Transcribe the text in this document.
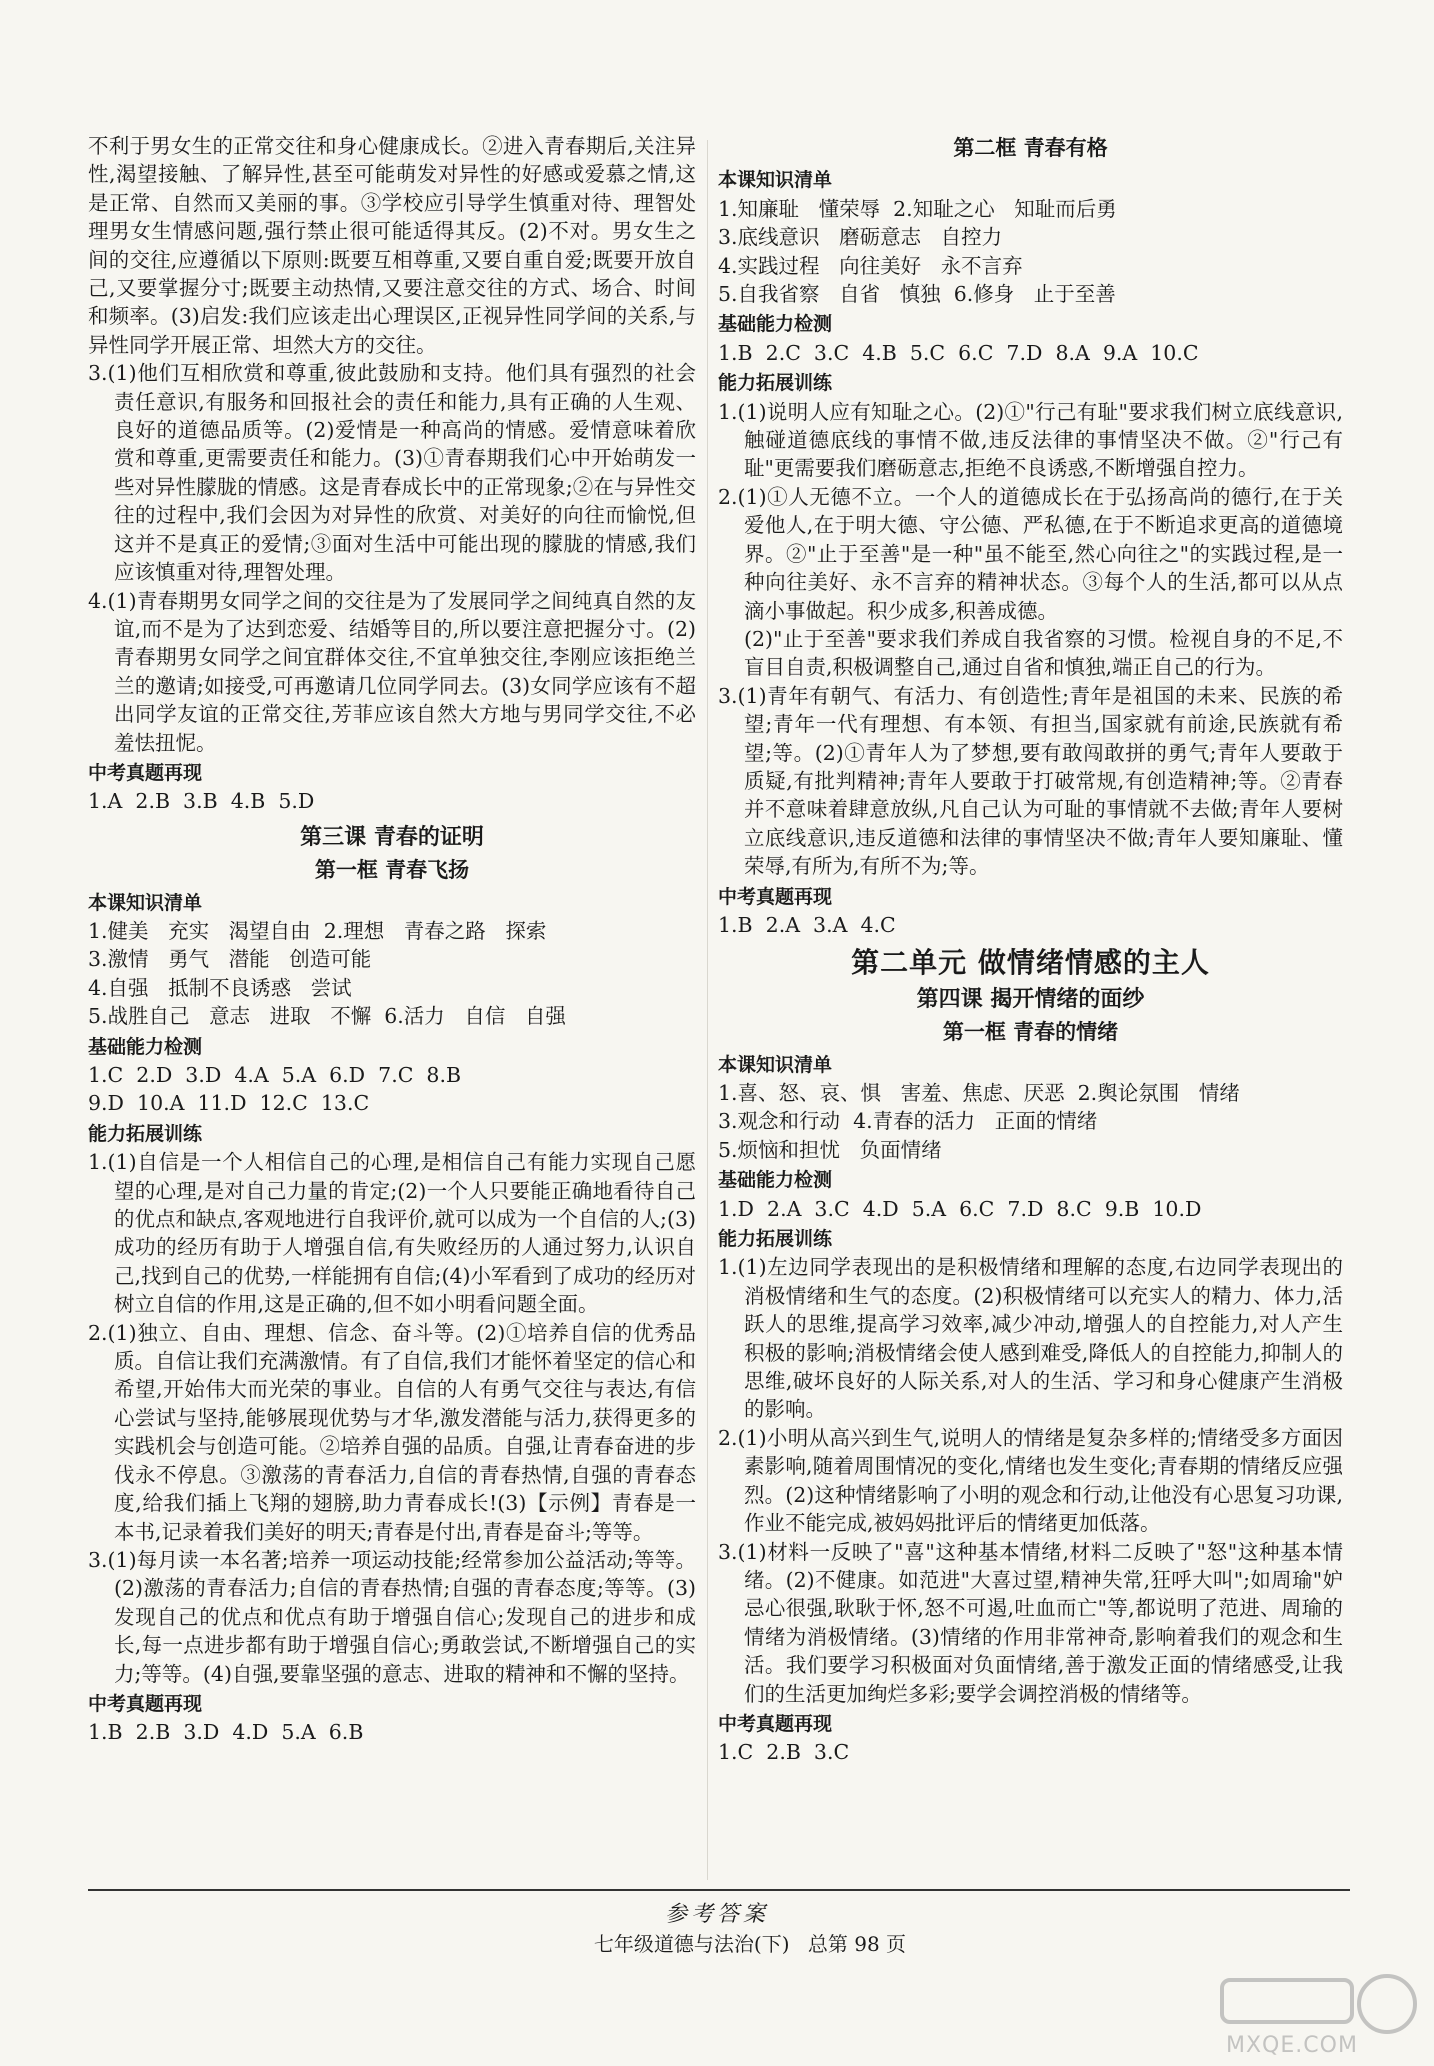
不利于男女生的正常交往和身心健康成长。②进入青春期后,关注异性,渴望接触、了解异性,甚至可能萌发对异性的好感或爱慕之情,这是正常、自然而又美丽的事。③学校应引导学生慎重对待、理智处理男女生情感问题,强行禁止很可能适得其反。(2)不对。男女生之间的交往,应遵循以下原则:既要互相尊重,又要自重自爱;既要开放自己,又要掌握分寸;既要主动热情,又要注意交往的方式、场合、时间和频率。(3)启发:我们应该走出心理误区,正视异性同学间的关系,与异性同学开展正常、坦然大方的交往。

3.(1)他们互相欣赏和尊重,彼此鼓励和支持。他们具有强烈的社会责任意识,有服务和回报社会的责任和能力,具有正确的人生观、良好的道德品质等。(2)爱情是一种高尚的情感。爱情意味着欣赏和尊重,更需要责任和能力。(3)①青春期我们心中开始萌发一些对异性朦胧的情感。这是青春成长中的正常现象;②在与异性交往的过程中,我们会因为对异性的欣赏、对美好的向往而愉悦,但这并不是真正的爱情;③面对生活中可能出现的朦胧的情感,我们应该慎重对待,理智处理。

4.(1)青春期男女同学之间的交往是为了发展同学之间纯真自然的友谊,而不是为了达到恋爱、结婚等目的,所以要注意把握分寸。(2)青春期男女同学之间宜群体交往,不宜单独交往,李刚应该拒绝兰兰的邀请;如接受,可再邀请几位同学同去。(3)女同学应该有不超出同学友谊的正常交往,芳菲应该自然大方地与男同学交往,不必羞怯扭怩。

中考真题再现

1.A  2.B  3.B  4.B  5.D

第三课 青春的证明

第一框 青春飞扬

本课知识清单

1.健美   充实   渴望自由  2.理想   青春之路   探索

3.激情   勇气   潜能   创造可能

4.自强   抵制不良诱惑   尝试

5.战胜自己   意志   进取   不懈  6.活力   自信   自强

基础能力检测

1.C  2.D  3.D  4.A  5.A  6.D  7.C  8.B

9.D  10.A  11.D  12.C  13.C

能力拓展训练

1.(1)自信是一个人相信自己的心理,是相信自己有能力实现自己愿望的心理,是对自己力量的肯定;(2)一个人只要能正确地看待自己的优点和缺点,客观地进行自我评价,就可以成为一个自信的人;(3)成功的经历有助于人增强自信,有失败经历的人通过努力,认识自己,找到自己的优势,一样能拥有自信;(4)小军看到了成功的经历对树立自信的作用,这是正确的,但不如小明看问题全面。

2.(1)独立、自由、理想、信念、奋斗等。(2)①培养自信的优秀品质。自信让我们充满激情。有了自信,我们才能怀着坚定的信心和希望,开始伟大而光荣的事业。自信的人有勇气交往与表达,有信心尝试与坚持,能够展现优势与才华,激发潜能与活力,获得更多的实践机会与创造可能。②培养自强的品质。自强,让青春奋进的步伐永不停息。③激荡的青春活力,自信的青春热情,自强的青春态度,给我们插上飞翔的翅膀,助力青春成长!(3)【示例】青春是一本书,记录着我们美好的明天;青春是付出,青春是奋斗;等等。

3.(1)每月读一本名著;培养一项运动技能;经常参加公益活动;等等。(2)激荡的青春活力;自信的青春热情;自强的青春态度;等等。(3)发现自己的优点和优点有助于增强自信心;发现自己的进步和成长,每一点进步都有助于增强自信心;勇敢尝试,不断增强自己的实力;等等。(4)自强,要靠坚强的意志、进取的精神和不懈的坚持。

中考真题再现

1.B  2.B  3.D  4.D  5.A  6.B

第二框 青春有格

本课知识清单

1.知廉耻   懂荣辱  2.知耻之心   知耻而后勇

3.底线意识   磨砺意志   自控力

4.实践过程   向往美好   永不言弃

5.自我省察   自省   慎独  6.修身   止于至善

基础能力检测

1.B  2.C  3.C  4.B  5.C  6.C  7.D  8.A  9.A  10.C

能力拓展训练

1.(1)说明人应有知耻之心。(2)①"行己有耻"要求我们树立底线意识,触碰道德底线的事情不做,违反法律的事情坚决不做。②"行己有耻"更需要我们磨砺意志,拒绝不良诱惑,不断增强自控力。

2.(1)①人无德不立。一个人的道德成长在于弘扬高尚的德行,在于关爱他人,在于明大德、守公德、严私德,在于不断追求更高的道德境界。②"止于至善"是一种"虽不能至,然心向往之"的实践过程,是一种向往美好、永不言弃的精神状态。③每个人的生活,都可以从点滴小事做起。积少成多,积善成德。

(2)"止于至善"要求我们养成自我省察的习惯。检视自身的不足,不盲目自责,积极调整自己,通过自省和慎独,端正自己的行为。

3.(1)青年有朝气、有活力、有创造性;青年是祖国的未来、民族的希望;青年一代有理想、有本领、有担当,国家就有前途,民族就有希望;等。(2)①青年人为了梦想,要有敢闯敢拼的勇气;青年人要敢于质疑,有批判精神;青年人要敢于打破常规,有创造精神;等。②青春并不意味着肆意放纵,凡自己认为可耻的事情就不去做;青年人要树立底线意识,违反道德和法律的事情坚决不做;青年人要知廉耻、懂荣辱,有所为,有所不为;等。

中考真题再现

1.B  2.A  3.A  4.C

第二单元 做情绪情感的主人

第四课 揭开情绪的面纱

第一框 青春的情绪

本课知识清单

1.喜、怒、哀、惧   害羞、焦虑、厌恶  2.舆论氛围   情绪

3.观念和行动  4.青春的活力   正面的情绪

5.烦恼和担忧   负面情绪

基础能力检测

1.D  2.A  3.C  4.D  5.A  6.C  7.D  8.C  9.B  10.D

能力拓展训练

1.(1)左边同学表现出的是积极情绪和理解的态度,右边同学表现出的消极情绪和生气的态度。(2)积极情绪可以充实人的精力、体力,活跃人的思维,提高学习效率,减少冲动,增强人的自控能力,对人产生积极的影响;消极情绪会使人感到难受,降低人的自控能力,抑制人的思维,破坏良好的人际关系,对人的生活、学习和身心健康产生消极的影响。

2.(1)小明从高兴到生气,说明人的情绪是复杂多样的;情绪受多方面因素影响,随着周围情况的变化,情绪也发生变化;青春期的情绪反应强烈。(2)这种情绪影响了小明的观念和行动,让他没有心思复习功课,作业不能完成,被妈妈批评后的情绪更加低落。

3.(1)材料一反映了"喜"这种基本情绪,材料二反映了"怒"这种基本情绪。(2)不健康。如范进"大喜过望,精神失常,狂呼大叫";如周瑜"妒忌心很强,耿耿于怀,怒不可遏,吐血而亡"等,都说明了范进、周瑜的情绪为消极情绪。(3)情绪的作用非常神奇,影响着我们的观念和生活。我们要学习积极面对负面情绪,善于激发正面的情绪感受,让我们的生活更加绚烂多彩;要学会调控消极的情绪等。

中考真题再现

1.C  2.B  3.C

参考答案
七年级道德与法治(下) 总第 98 页
MXQE.COM
